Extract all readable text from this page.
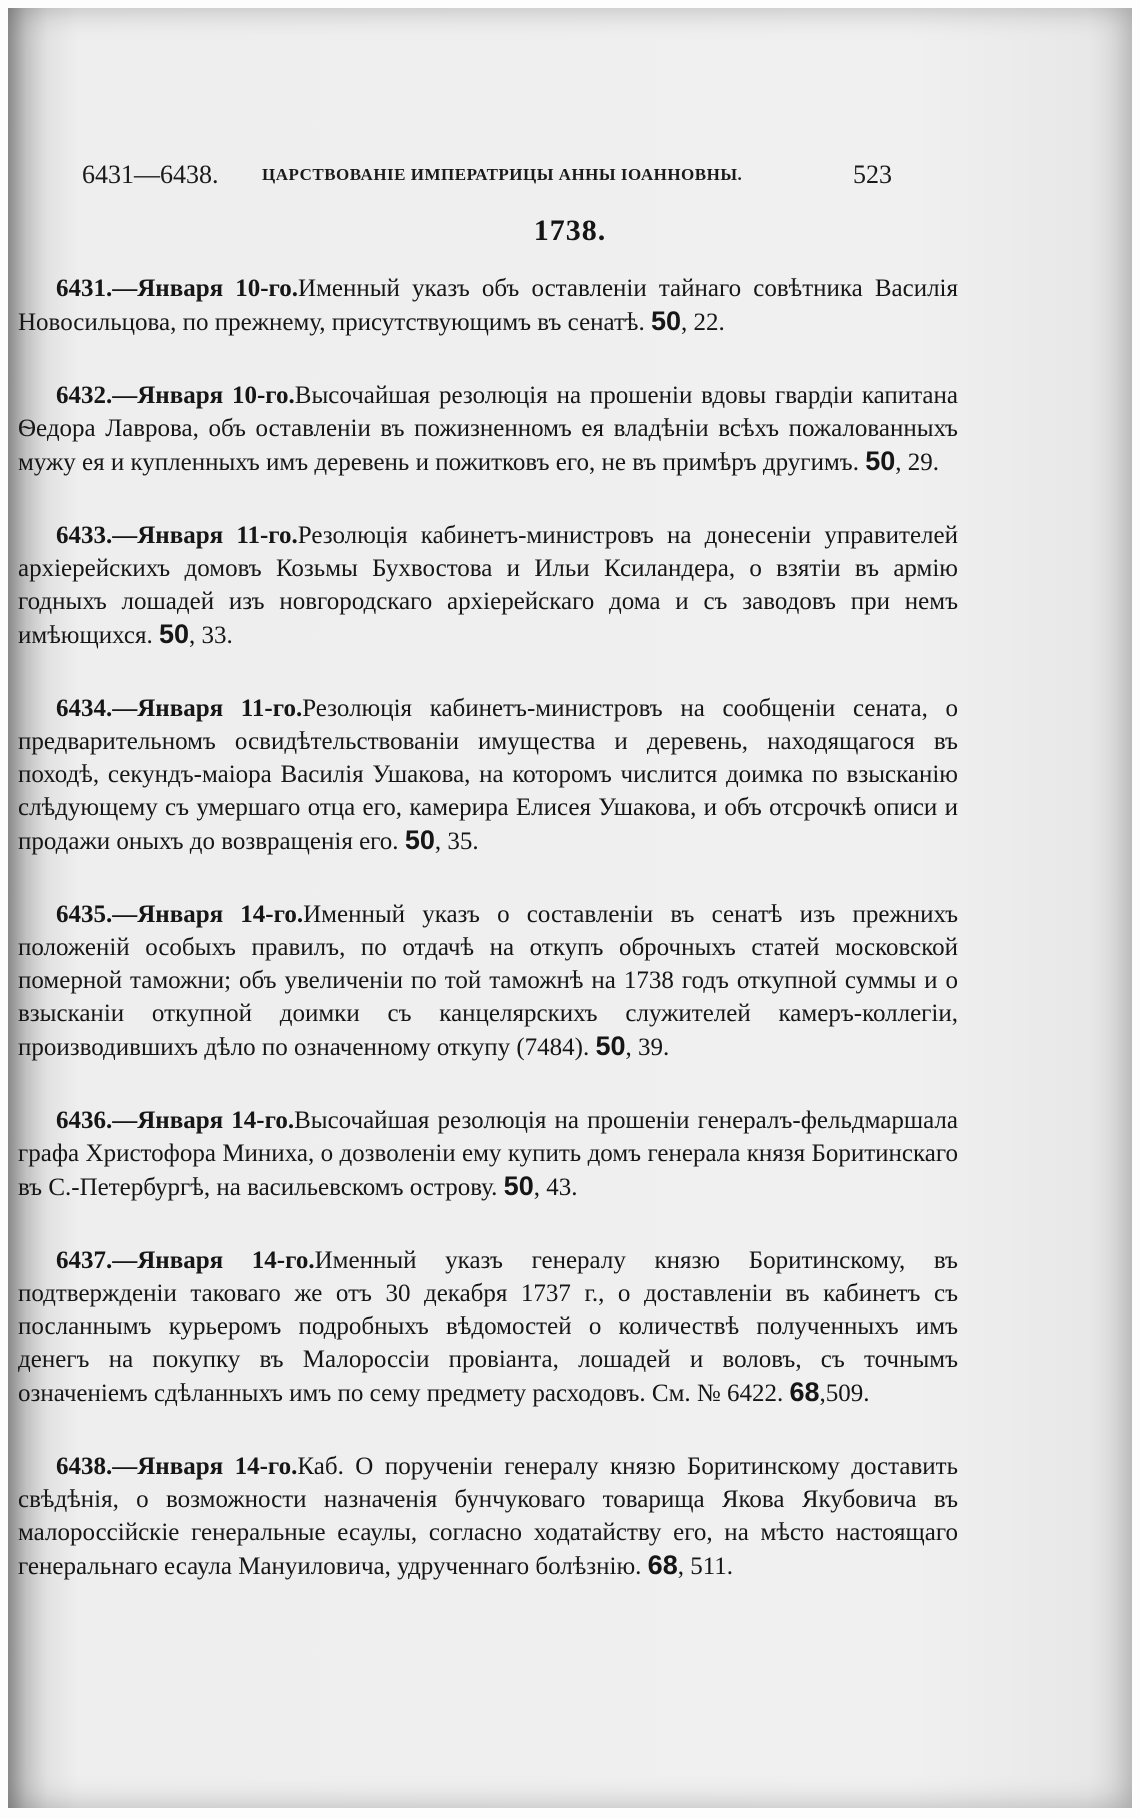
6431—6438.	ЦАРСТВОВАНІЕ ИМПЕРАТРИЦЫ АННЫ ІОАННОВНЫ.	523
1738.

6431.—Января 10-го.Именный указъ объ оставленіи тайнаго совѣтника Василія Новосильцова, по прежнему, присутствующимъ въ сенатѣ. 50, 22.

6432.—Января 10-го.Высочайшая резолюція на прошеніи вдовы гвардіи капитана Ѳедора Лаврова, объ оставленіи въ пожизненномъ ея владѣніи всѣхъ пожалованныхъ мужу ея и купленныхъ имъ деревень и пожитковъ его, не въ примѣръ другимъ. 50, 29.

6433.—Января 11-го.Резолюція кабинетъ-министровъ на донесеніи управителей архіерейскихъ домовъ Козьмы Бухвостова и Ильи Ксиландера, о взятіи въ армію годныхъ лошадей изъ новгородскаго архіерейскаго дома и съ заводовъ при немъ имѣющихся. 50, 33.

6434.—Января 11-го.Резолюція кабинетъ-министровъ на сообщеніи сената, о предварительномъ освидѣтельствованіи имущества и деревень, находящагося въ походѣ, секундъ-маіора Василія Ушакова, на которомъ числится доимка по взысканію слѣдующему съ умершаго отца его, камерира Елисея Ушакова, и объ отсрочкѣ описи и продажи оныхъ до возвращенія его. 50, 35.

6435.—Января 14-го.Именный указъ о составленіи въ сенатѣ изъ прежнихъ положеній особыхъ правилъ, по отдачѣ на откупъ оброчныхъ статей московской померной таможни; объ увеличеніи по той таможнѣ на 1738 годъ откупной суммы и о взысканіи откупной доимки съ канцелярскихъ служителей камеръ-коллегіи, производившихъ дѣло по означенному откупу (7484). 50, 39.

6436.—Января 14-го.Высочайшая резолюція на прошеніи генералъ-фельдмаршала графа Христофора Миниха, о дозволеніи ему купить домъ генерала князя Боритинскаго въ С.-Петербургѣ, на васильевскомъ острову. 50, 43.

6437.—Января 14-го.Именный указъ генералу князю Боритинскому, въ подтвержденіи таковаго же отъ 30 декабря 1737 г., о доставленіи въ кабинетъ съ посланнымъ курьеромъ подробныхъ вѣдомостей о количествѣ полученныхъ имъ денегъ на покупку въ Малороссіи провіанта, лошадей и воловъ, съ точнымъ означеніемъ сдѣланныхъ имъ по сему предмету расходовъ. См. № 6422. 68,509.

6438.—Января 14-го.Каб. О порученіи генералу князю Боритинскому доставить свѣдѣнія, о возможности назначенія бунчуковаго товарища Якова Якубовича въ малороссійскіе генеральные есаулы, согласно ходатайству его, на мѣсто настоящаго генеральнаго есаула Мануиловича, удрученнаго болѣзнію. 68, 511.
